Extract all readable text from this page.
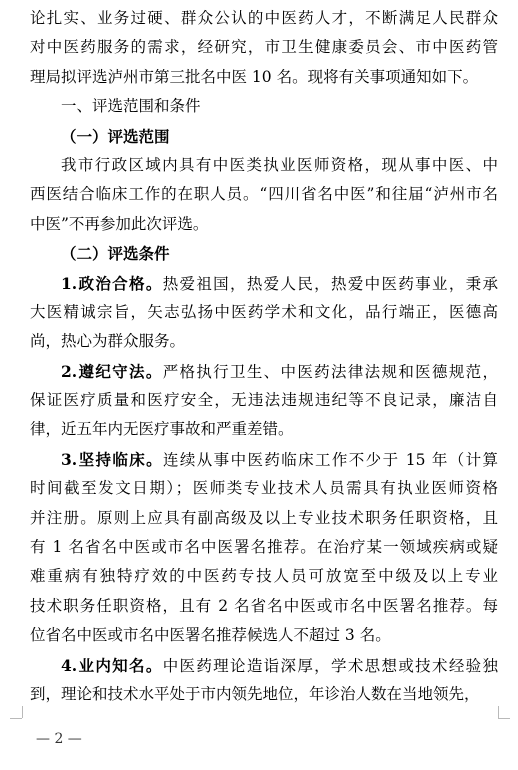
论扎实、业务过硬、群众公认的中医药人才，不断满足人民群众
对中医药服务的需求，经研究，市卫生健康委员会、市中医药管
理局拟评选泸州市第三批名中医 10 名。现将有关事项通知如下。
一、评选范围和条件
（一）评选范围
我市行政区域内具有中医类执业医师资格，现从事中医、中
西医结合临床工作的在职人员。“四川省名中医”和往届“泸州市名
中医”不再参加此次评选。
（二）评选条件
1.政治合格。热爱祖国，热爱人民，热爱中医药事业，秉承
大医精诚宗旨，矢志弘扬中医药学术和文化，品行端正，医德高
尚，热心为群众服务。
2.遵纪守法。严格执行卫生、中医药法律法规和医德规范，
保证医疗质量和医疗安全，无违法违规违纪等不良记录，廉洁自
律，近五年内无医疗事故和严重差错。
3.坚持临床。连续从事中医药临床工作不少于 15 年（计算
时间截至发文日期）；医师类专业技术人员需具有执业医师资格
并注册。原则上应具有副高级及以上专业技术职务任职资格，且
有 1 名省名中医或市名中医署名推荐。在治疗某一领域疾病或疑
难重病有独特疗效的中医药专技人员可放宽至中级及以上专业
技术职务任职资格，且有 2 名省名中医或市名中医署名推荐。每
位省名中医或市名中医署名推荐候选人不超过 3 名。
4.业内知名。中医药理论造诣深厚，学术思想或技术经验独
到，理论和技术水平处于市内领先地位，年诊治人数在当地领先，
— 2 —
